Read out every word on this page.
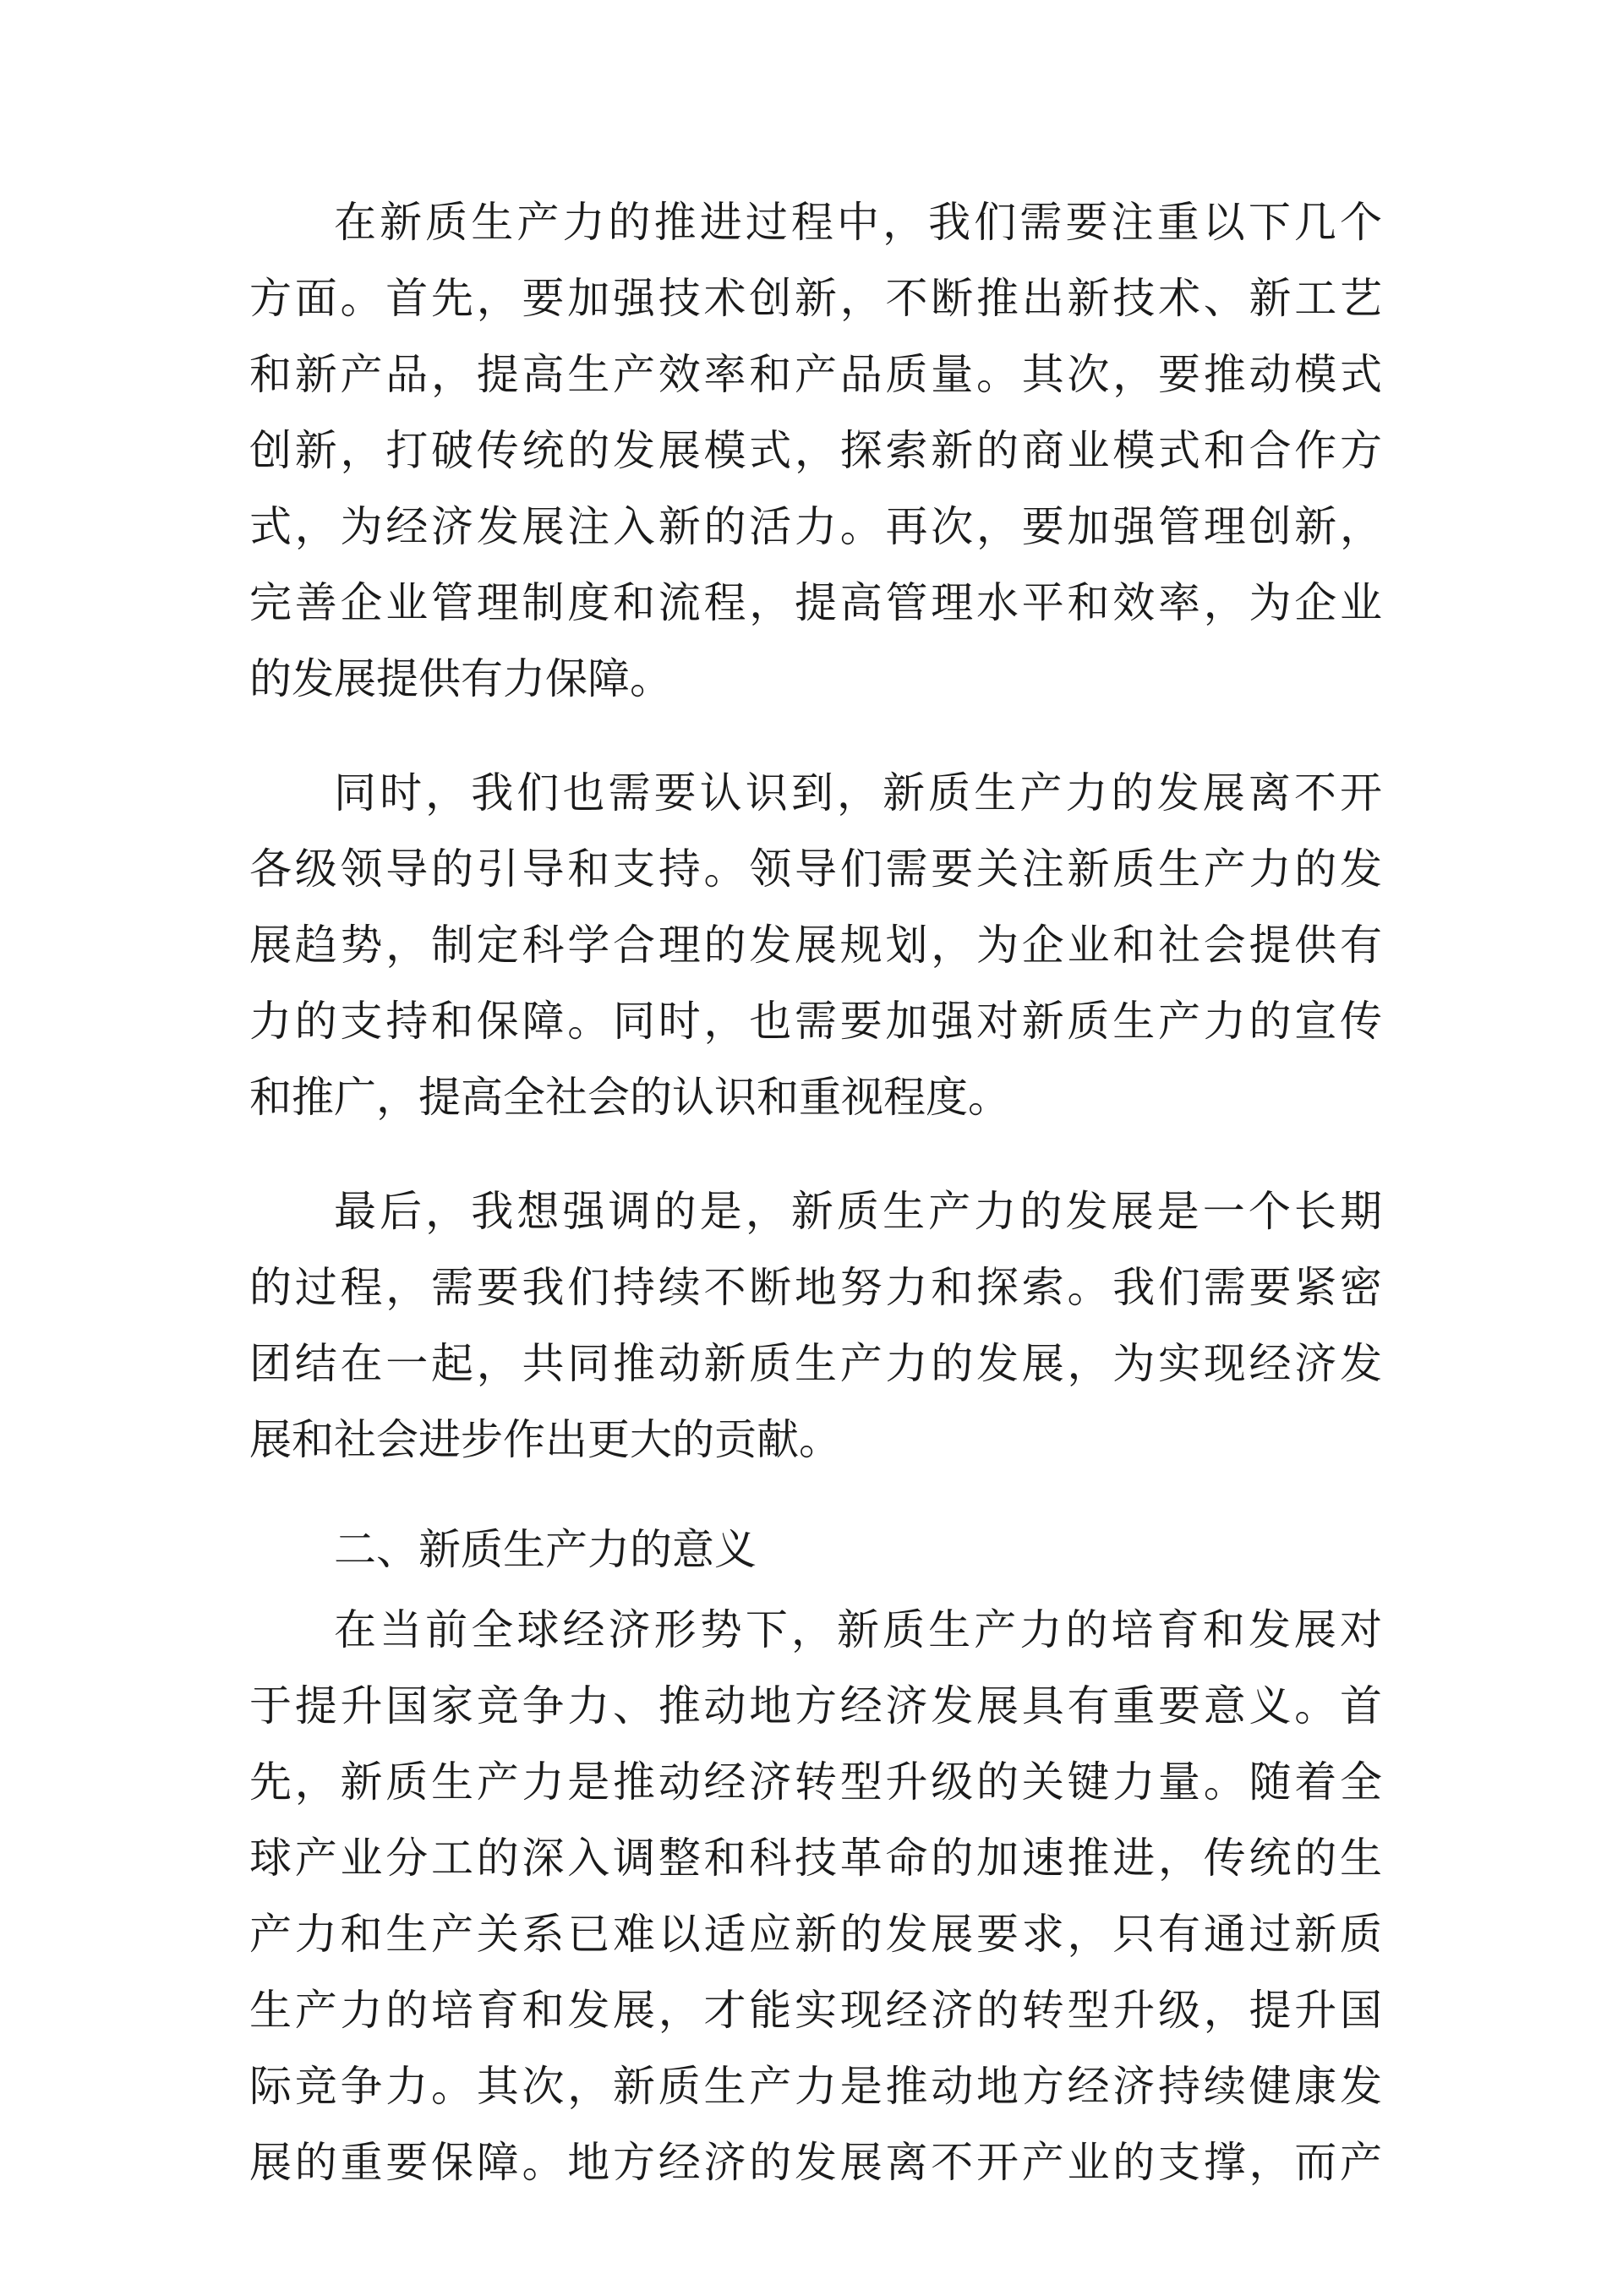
在新质生产力的推进过程中，我们需要注重以下几个
方面。首先，要加强技术创新，不断推出新技术、新工艺
和新产品，提高生产效率和产品质量。其次，要推动模式
创新，打破传统的发展模式，探索新的商业模式和合作方
式，为经济发展注入新的活力。再次，要加强管理创新，
完善企业管理制度和流程，提高管理水平和效率，为企业
的发展提供有力保障。
同时，我们也需要认识到，新质生产力的发展离不开
各级领导的引导和支持。领导们需要关注新质生产力的发
展趋势，制定科学合理的发展规划，为企业和社会提供有
力的支持和保障。同时，也需要加强对新质生产力的宣传
和推广，提高全社会的认识和重视程度。
最后，我想强调的是，新质生产力的发展是一个长期
的过程，需要我们持续不断地努力和探索。我们需要紧密
团结在一起，共同推动新质生产力的发展，为实现经济发
展和社会进步作出更大的贡献。
二、新质生产力的意义
在当前全球经济形势下，新质生产力的培育和发展对
于提升国家竞争力、推动地方经济发展具有重要意义。首
先，新质生产力是推动经济转型升级的关键力量。随着全
球产业分工的深入调整和科技革命的加速推进，传统的生
产力和生产关系已难以适应新的发展要求，只有通过新质
生产力的培育和发展，才能实现经济的转型升级，提升国
际竞争力。其次，新质生产力是推动地方经济持续健康发
展的重要保障。地方经济的发展离不开产业的支撑，而产
